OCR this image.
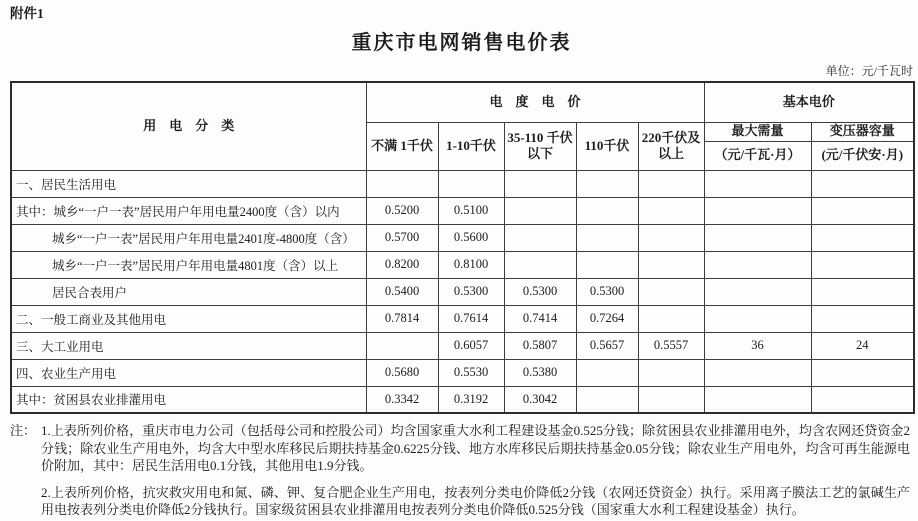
附件1
重庆市电网销售电价表
单位：元/千瓦时
用　电　分　类	电　度　电　价					基本电价	
	不满 1千伏	1-10千伏	35-110 千伏以下	110千伏	220千伏及以上	最大需量	变压器容量
						（元/千瓦·月）	(元/千伏安·月)
一、居民生活用电							
其中：城乡“一户一表”居民用户年用电量2400度（含）以内	0.5200	0.5100					
城乡“一户一表”居民用户年用电量2401度-4800度（含）	0.5700	0.5600					
城乡“一户一表”居民用户年用电量4801度（含）以上	0.8200	0.8100					
居民合表用户	0.5400	0.5300	0.5300	0.5300			
二、一般工商业及其他用电	0.7814	0.7614	0.7414	0.7264			
三、大工业用电		0.6057	0.5807	0.5657	0.5557	36	24
四、农业生产用电	0.5680	0.5530	0.5380				
其中：贫困县农业排灌用电	0.3342	0.3192	0.3042				
注： 1.上表所列价格，重庆市电力公司（包括母公司和控股公司）均含国家重大水利工程建设基金0.525分钱；除贫困县农业排灌用电外，均含农网还贷资金2分钱；除农业生产用电外，均含大中型水库移民后期扶持基金0.6225分钱、地方水库移民后期扶持基金0.05分钱；除农业生产用电外，均含可再生能源电价附加，其中：居民生活用电0.1分钱，其他用电1.9分钱。

2.上表所列价格，抗灾救灾用电和氮、磷、钾、复合肥企业生产用电，按表列分类电价降低2分钱（农网还贷资金）执行。采用离子膜法工艺的氯碱生产用电按表列分类电价降低2分钱执行。国家级贫困县农业排灌用电按表列分类电价降低0.525分钱（国家重大水利工程建设基金）执行。
